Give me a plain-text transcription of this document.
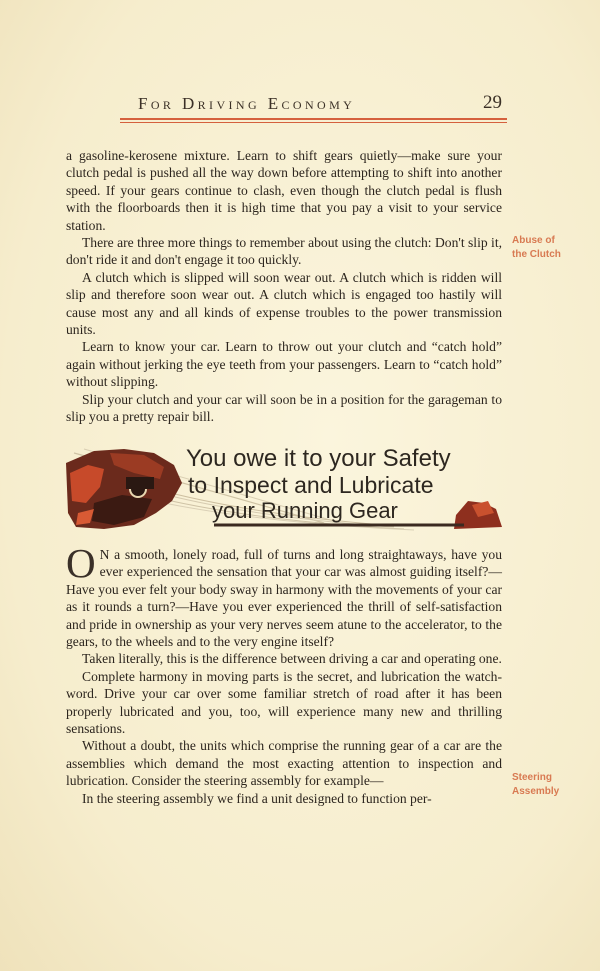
For Driving Economy	29

a gasoline-kerosene mixture. Learn to shift gears quietly—make sure your clutch pedal is pushed all the way down before attempting to shift into another speed. If your gears continue to clash, even though the clutch pedal is flush with the floorboards then it is high time that you pay a visit to your service station.

There are three more things to remember about using the clutch: Don't slip it, don't ride it and don't engage it too quickly.

A clutch which is slipped will soon wear out. A clutch which is ridden will slip and therefore soon wear out. A clutch which is engaged too hastily will cause most any and all kinds of expense troubles to the power transmission units.

Learn to know your car. Learn to throw out your clutch and “catch hold” again without jerking the eye teeth from your passengers. Learn to “catch hold” without slipping.

Slip your clutch and your car will soon be in a position for the garageman to slip you a pretty repair bill.

Abuse of
the Clutch
You owe it to your Safety
to Inspect and Lubricate
your Running Gear

O N a smooth, lonely road, full of turns and long straightaways, have you ever experienced the sensation that your car was almost guiding itself?—Have you ever felt your body sway in harmony with the movements of your car as it rounds a turn?—Have you ever experienced the thrill of self-satisfaction and pride in ownership as your very nerves seem atune to the accelerator, to the gears, to the wheels and to the very engine itself?

Taken literally, this is the difference between driving a car and operating one.

Complete harmony in moving parts is the secret, and lubrication the watch-word. Drive your car over some familiar stretch of road after it has been properly lubricated and you, too, will experience many new and thrilling sensations.

Without a doubt, the units which comprise the running gear of a car are the assemblies which demand the most exacting attention to inspection and lubrication. Consider the steering assembly for example—

In the steering assembly we find a unit designed to function per-

Steering
Assembly
